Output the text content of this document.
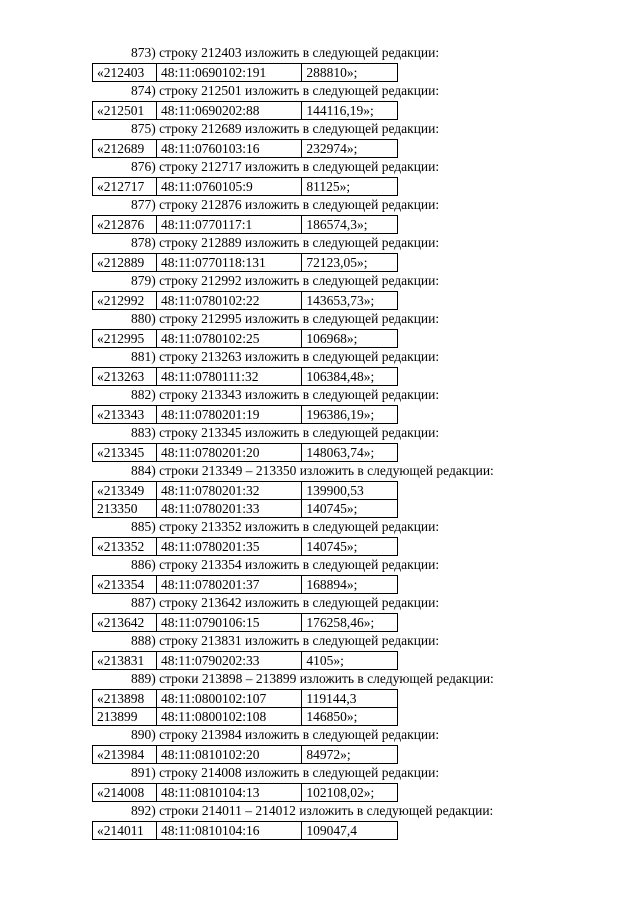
873) строку 212403 изложить в следующей редакции:
«212403	48:11:0690102:191	288810»;
874) строку 212501 изложить в следующей редакции:
«212501	48:11:0690202:88	144116,19»;
875) строку 212689 изложить в следующей редакции:
«212689	48:11:0760103:16	232974»;
876) строку 212717 изложить в следующей редакции:
«212717	48:11:0760105:9	81125»;
877) строку 212876 изложить в следующей редакции:
«212876	48:11:0770117:1	186574,3»;
878) строку 212889 изложить в следующей редакции:
«212889	48:11:0770118:131	72123,05»;
879) строку 212992 изложить в следующей редакции:
«212992	48:11:0780102:22	143653,73»;
880) строку 212995 изложить в следующей редакции:
«212995	48:11:0780102:25	106968»;
881) строку 213263 изложить в следующей редакции:
«213263	48:11:0780111:32	106384,48»;
882) строку 213343 изложить в следующей редакции:
«213343	48:11:0780201:19	196386,19»;
883) строку 213345 изложить в следующей редакции:
«213345	48:11:0780201:20	148063,74»;
884) строки 213349 – 213350 изложить в следующей редакции:
«213349	48:11:0780201:32	139900,53
213350	48:11:0780201:33	140745»;
885) строку 213352 изложить в следующей редакции:
«213352	48:11:0780201:35	140745»;
886) строку 213354 изложить в следующей редакции:
«213354	48:11:0780201:37	168894»;
887) строку 213642 изложить в следующей редакции:
«213642	48:11:0790106:15	176258,46»;
888) строку 213831 изложить в следующей редакции:
«213831	48:11:0790202:33	4105»;
889) строки 213898 – 213899 изложить в следующей редакции:
«213898	48:11:0800102:107	119144,3
213899	48:11:0800102:108	146850»;
890) строку 213984 изложить в следующей редакции:
«213984	48:11:0810102:20	84972»;
891) строку 214008 изложить в следующей редакции:
«214008	48:11:0810104:13	102108,02»;
892) строки 214011 – 214012 изложить в следующей редакции:
«214011	48:11:0810104:16	109047,4
